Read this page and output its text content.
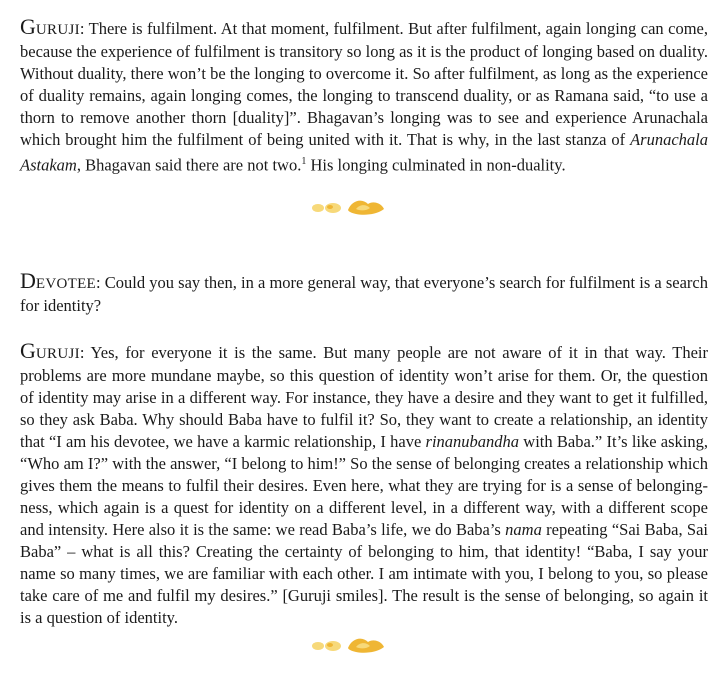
GURUJI: There is fulfilment. At that moment, fulfilment. But after fulfilment, again longing can come, because the experience of fulfilment is transitory so long as it is the product of longing based on duality. Without duality, there won’t be the longing to overcome it. So after fulfilment, as long as the experience of duality remains, again longing comes, the longing to transcend duality, or as Ramana said, “to use a thorn to remove another thorn [duality]”. Bhagavan’s longing was to see and experience Arunachala which brought him the fulfilment of being united with it. That is why, in the last stanza of Arunachala Astakam, Bhagavan said there are not two.$^1$ His longing culminated in non-duality.

DEVOTEE: Could you say then, in a more general way, that everyone’s search for fulfilment is a search for identity?

GURUJI: Yes, for everyone it is the same. But many people are not aware of it in that way. Their problems are more mundane maybe, so this question of identity won’t arise for them. Or, the question of identity may arise in a different way. For instance, they have a desire and they want to get it fulfilled, so they ask Baba. Why should Baba have to fulfil it? So, they want to create a relationship, an identity that “I am his devotee, we have a karmic relationship, I have rinanubandha with Baba.” It’s like asking, “Who am I?” with the answer, “I belong to him!” So the sense of belonging creates a relationship which gives them the means to fulfil their desires. Even here, what they are trying for is a sense of belongingness, which again is a quest for identity on a different level, in a different way, with a different scope and intensity. Here also it is the same: we read Baba’s life, we do Baba’s nama repeating “Sai Baba, Sai Baba” – what is all this? Creating the certainty of belonging to him, that identity! “Baba, I say your name so many times, we are familiar with each other. I am intimate with you, I belong to you, so please take care of me and fulfil my desires.” [Guruji smiles]. The result is the sense of belonging, so again it is a question of identity.
